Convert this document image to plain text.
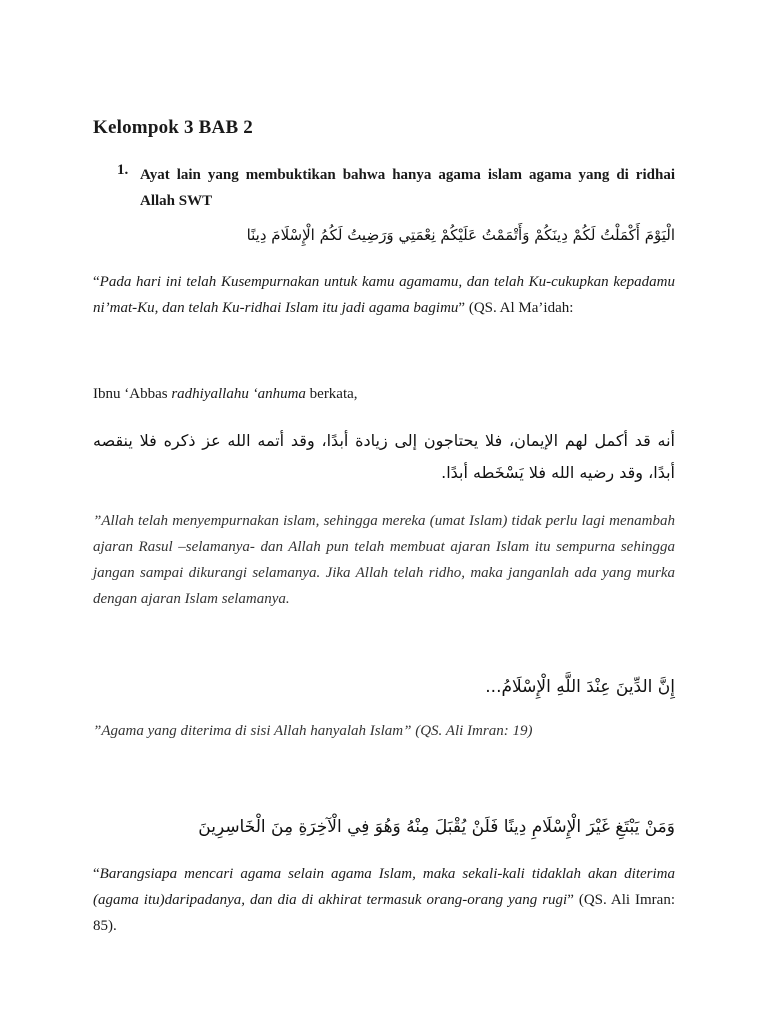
Kelompok 3 BAB 2
1. Ayat lain yang membuktikan bahwa hanya agama islam agama yang di ridhai Allah SWT
الْيَوْمَ أَكْمَلْتُ لَكُمْ دِينَكُمْ وَأَتْمَمْتُ عَلَيْكُمْ نِعْمَتِي وَرَضِيتُ لَكُمُ الْإِسْلَامَ دِينًا
“Pada hari ini telah Kusempurnakan untuk kamu agamamu, dan telah Ku-cukupkan kepadamu ni’mat-Ku, dan telah Ku-ridhai Islam itu jadi agama bagimu” (QS. Al Ma’idah:
Ibnu ‘Abbas radhiyallahu ‘anhuma berkata,
أنه قد أكمل لهم الإيمان، فلا يحتاجون إلى زيادة أبدًا، وقد أتمه الله عز ذكره فلا ينقصه أبدًا، وقد رضيه الله فلا يَسْخَطه أبدًا.
”Allah telah menyempurnakan islam, sehingga mereka (umat Islam) tidak perlu lagi menambah ajaran Rasul –selamanya- dan Allah pun telah membuat ajaran Islam itu sempurna sehingga jangan sampai dikurangi selamanya. Jika Allah telah ridho, maka janganlah ada yang murka dengan ajaran Islam selamanya.
إِنَّ الدِّينَ عِنْدَ اللَّهِ الْإِسْلَامُ...
”Agama yang diterima di sisi Allah hanyalah Islam” (QS. Ali Imran: 19)
وَمَنْ يَبْتَغِ غَيْرَ الْإِسْلَامِ دِينًا فَلَنْ يُقْبَلَ مِنْهُ وَهُوَ فِي الْآخِرَةِ مِنَ الْخَاسِرِينَ
“Barangsiapa mencari agama selain agama Islam, maka sekali-kali tidaklah akan diterima (agama itu)daripadanya, dan dia di akhirat termasuk orang-orang yang rugi” (QS. Ali Imran: 85).
